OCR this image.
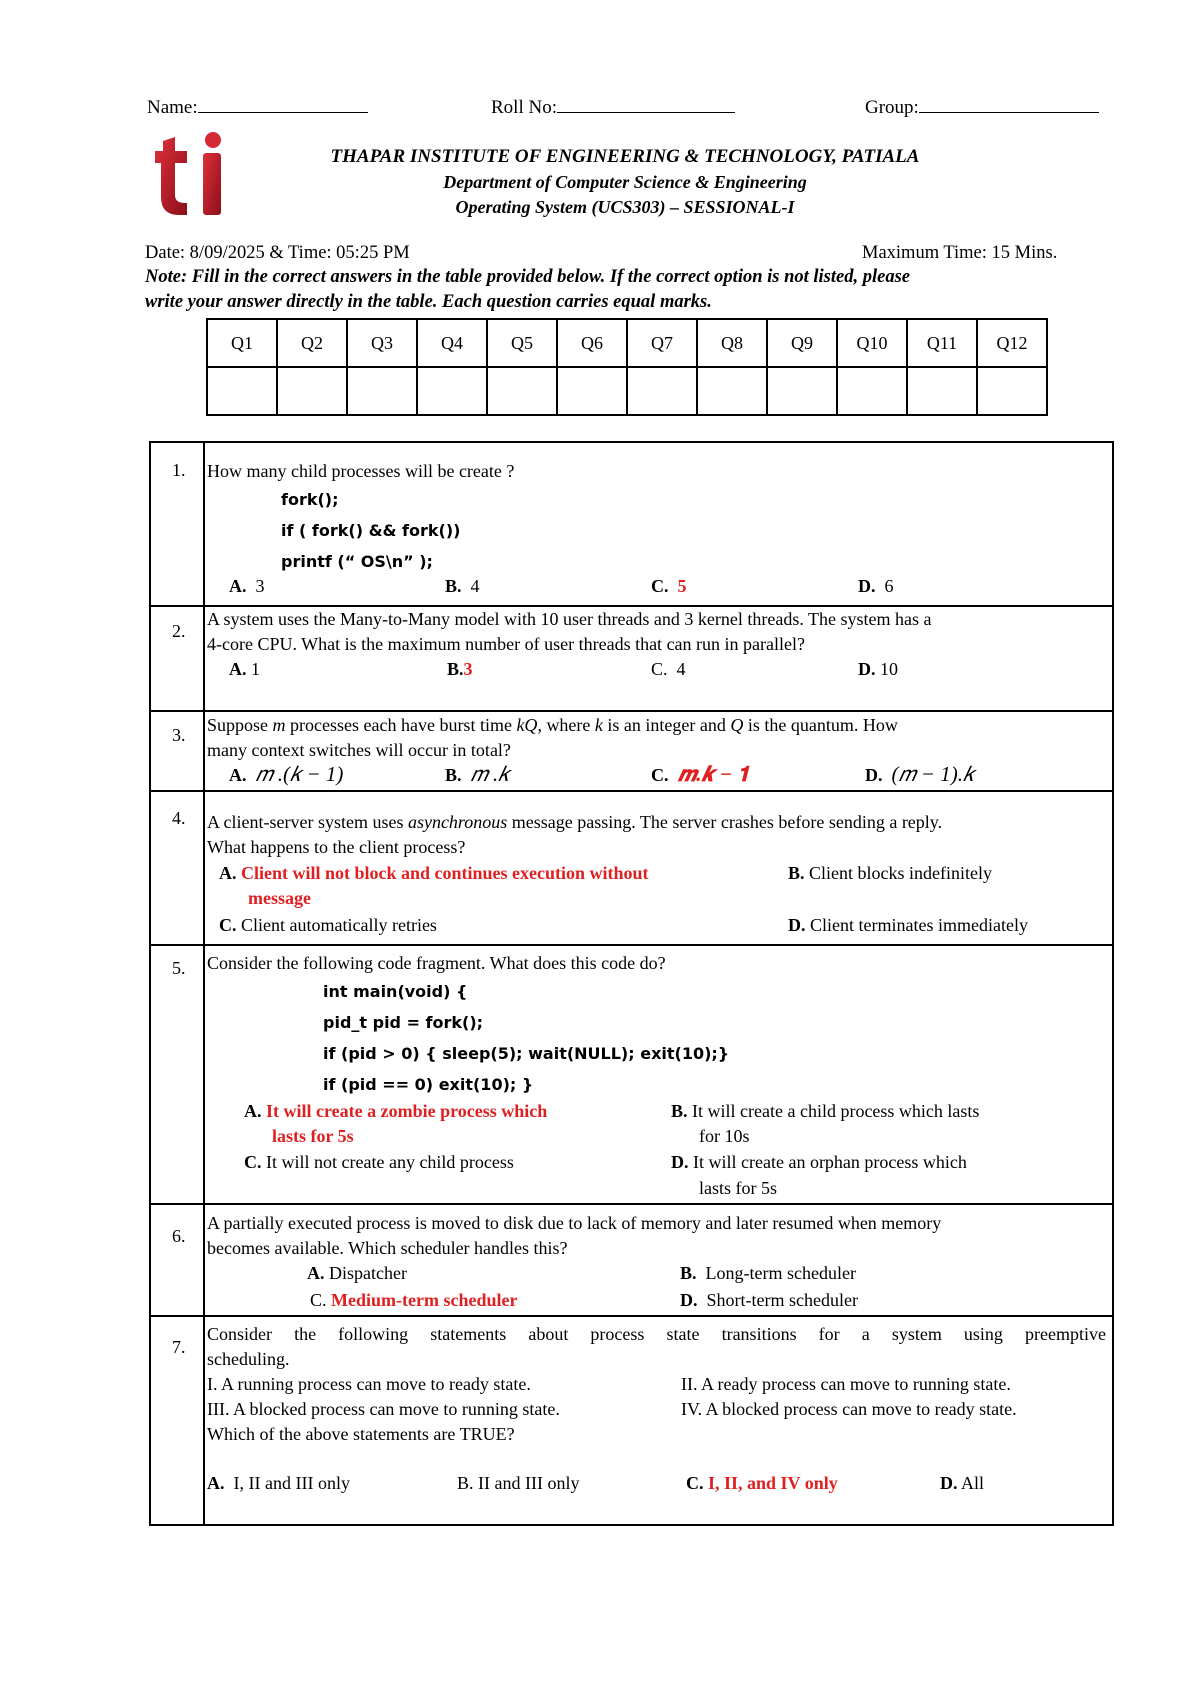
Name:	Roll No:	Group:
THAPAR INSTITUTE OF ENGINEERING & TECHNOLOGY, PATIALA
Department of Computer Science & Engineering
Operating System (UCS303) – SESSIONAL-I
Date: 8/09/2025 & Time: 05:25 PM	Maximum Time: 15 Mins.
Note: Fill in the correct answers in the table provided below. If the correct option is not listed, please
write your answer directly in the table. Each question carries equal marks.
Q1	Q2	Q3	Q4	Q5	Q6	Q7	Q8	Q9	Q10	Q11	Q12

1. How many child processes will be create ?
fork();
if ( fork() && fork())
printf (“ OS\n” );
A. 3	B. 4	C. 5	D. 6
2.
A system uses the Many-to-Many model with 10 user threads and 3 kernel threads. The system has a
4-core CPU. What is the maximum number of user threads that can run in parallel?
A. 1	B.3	C. 4	D. 10
3. Suppose m processes each have burst time kQ, where k is an integer and Q is the quantum. How
many context switches will occur in total?
A. 𝑚 .(𝑘 − 1)	B. 𝑚 .𝑘	C. 𝒎.𝒌 − 𝟏	D. (𝑚 − 1).𝑘
4. A client-server system uses asynchronous message passing. The server crashes before sending a reply.
What happens to the client process?
A. Client will not block and continues execution without
message
B. Client blocks indefinitely
C. Client automatically retries	D. Client terminates immediately
5. Consider the following code fragment. What does this code do?
int main(void) {
pid_t pid = fork();
if (pid > 0) { sleep(5); wait(NULL); exit(10);}
if (pid == 0) exit(10); }
A. It will create a zombie process which
lasts for 5s
B. It will create a child process which lasts
for 10s
C. It will not create any child process	D. It will create an orphan process which
lasts for 5s
6.
A partially executed process is moved to disk due to lack of memory and later resumed when memory
becomes available. Which scheduler handles this?
A. Dispatcher	B. Long-term scheduler
C. Medium-term scheduler	D. Short-term scheduler
7.
Consider the following statements about process state transitions for a system using preemptive
scheduling.
I. A running process can move to ready state.	II. A ready process can move to running state.
III. A blocked process can move to running state.	IV. A blocked process can move to ready state.
Which of the above statements are TRUE?
A. I, II and III only	B. II and III only	C. I, II, and IV only	D. All
